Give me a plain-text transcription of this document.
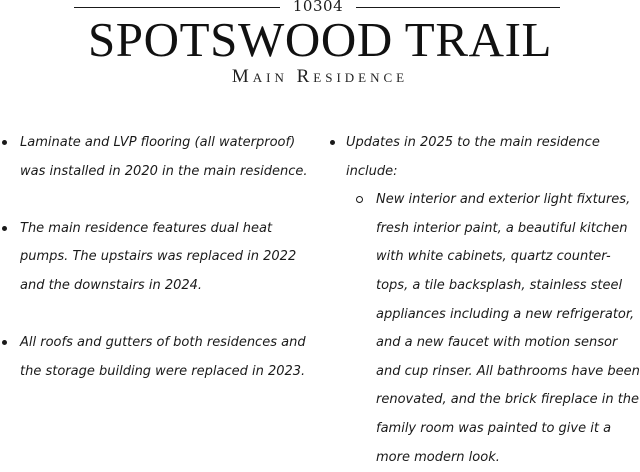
10304
SPOTSWOOD TRAIL
Main Residence
Laminate and LVP flooring (all waterproof) was installed in 2020 in the main residence.
The main residence features dual heat pumps. The upstairs was replaced in 2022 and the downstairs in 2024.
All roofs and gutters of both residences and the storage building were replaced in 2023.
Updates in 2025 to the main residence include:
New interior and exterior light fixtures, fresh interior paint, a beautiful kitchen with white cabinets, quartz counter-tops, a tile backsplash, stainless steel appliances including a new refrigerator, and a new faucet with motion sensor and cup rinser. All bathrooms have been renovated, and the brick fireplace in the family room was painted to give it a more modern look.
